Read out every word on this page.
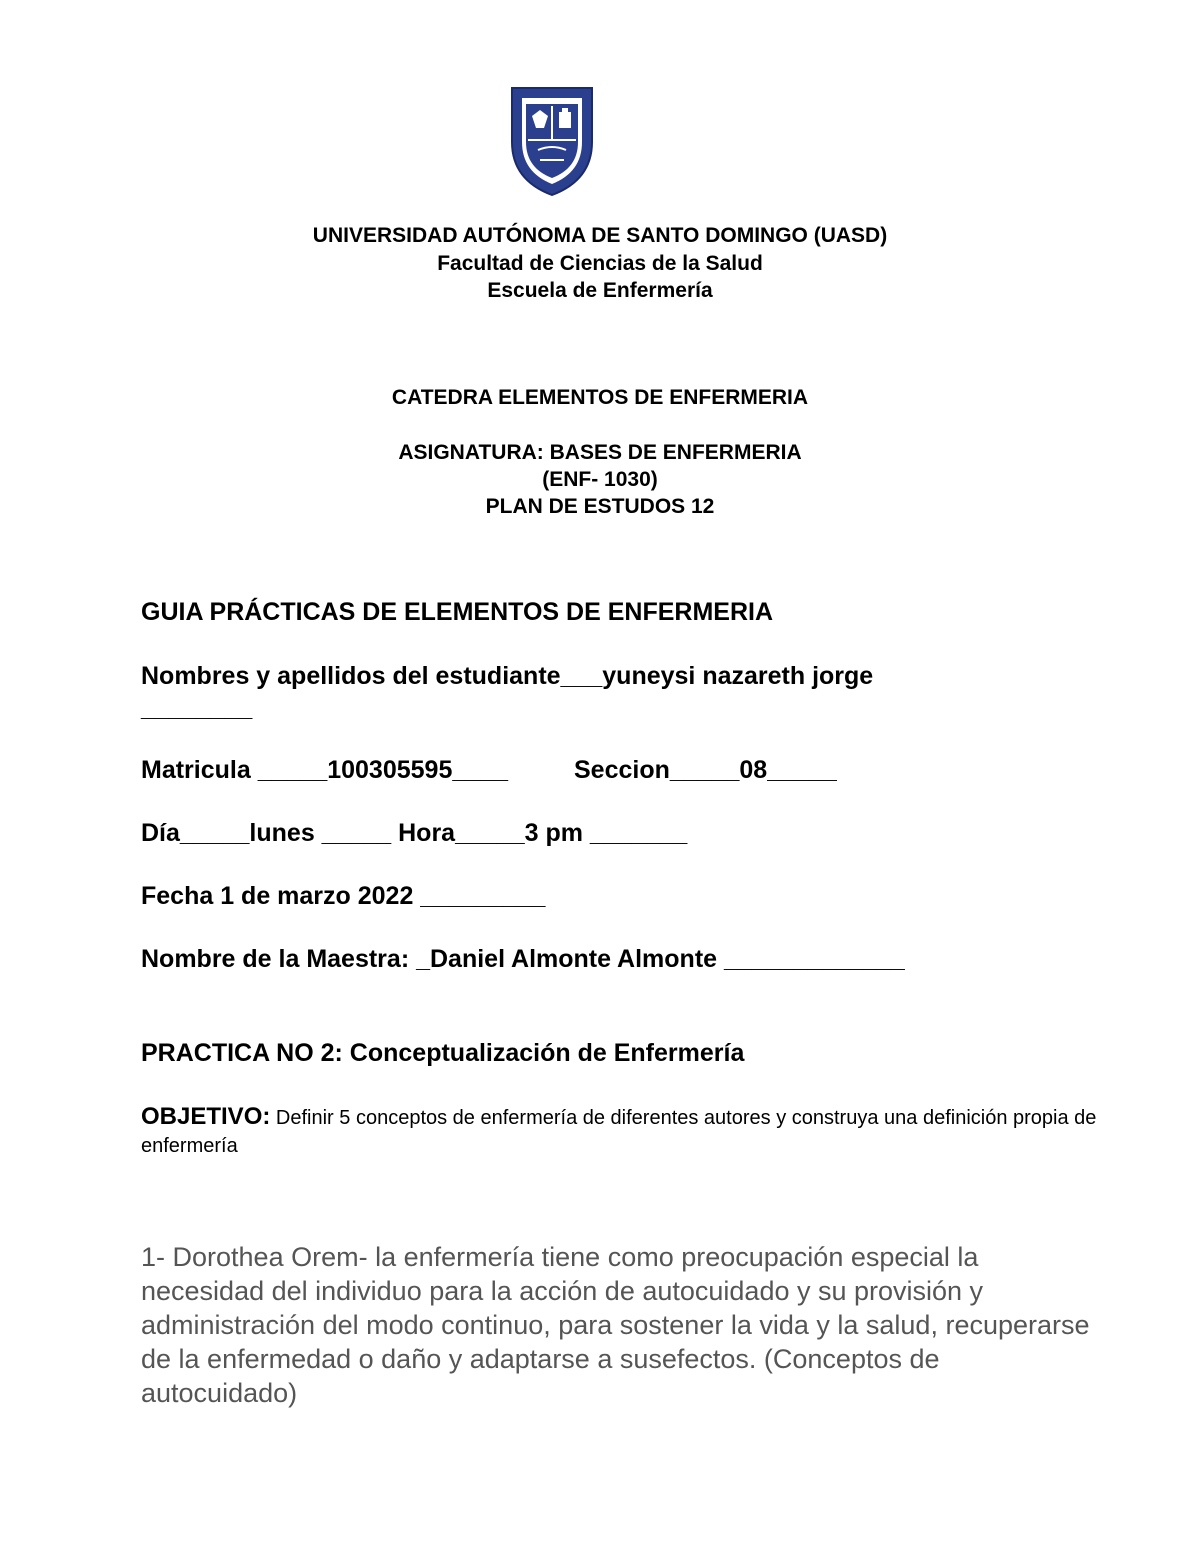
UNIVERSIDAD AUTÓNOMA DE SANTO DOMINGO (UASD)

Facultad de Ciencias de la Salud

Escuela de Enfermería

CATEDRA ELEMENTOS DE ENFERMERIA

ASIGNATURA: BASES DE ENFERMERIA

(ENF- 1030)

PLAN DE ESTUDOS 12

GUIA PRÁCTICAS DE ELEMENTOS DE ENFERMERIA

Nombres y apellidos del estudiante___yuneysi nazareth jorge

________

Matricula _____100305595____	Seccion_____08_____

Día_____lunes _____ Hora_____3 pm _______

Fecha 1 de marzo 2022 _________

Nombre de la Maestra: _Daniel Almonte Almonte _____________

PRACTICA NO 2: Conceptualización de Enfermería

OBJETIVO: Definir 5 conceptos de enfermería de diferentes autores y construya una definición propia de enfermería

1- Dorothea Orem- la enfermería tiene como preocupación especial la necesidad del individuo para la acción de autocuidado y su provisión y administración del modo continuo, para sostener la vida y la salud, recuperarse de la enfermedad o daño y adaptarse a susefectos. (Conceptos de autocuidado)
